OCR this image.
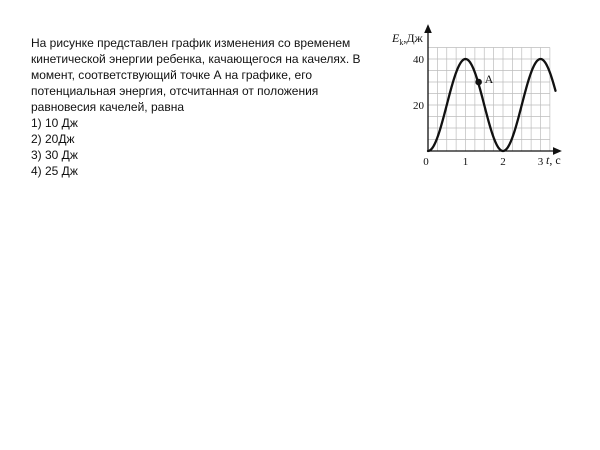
На рисунке представлен график изменения со временем кинетической энергии ребенка, качающегося на качелях. В момент, соответствующий точке А на графике, его потенциальная энергия, отсчитанная от положения равновесия качелей, равна

1) 10 Дж
2) 20Дж
3) 30 Дж
4) 25 Дж
$E_k,Дж$
t, с
0	1	2	3
20
40
A
